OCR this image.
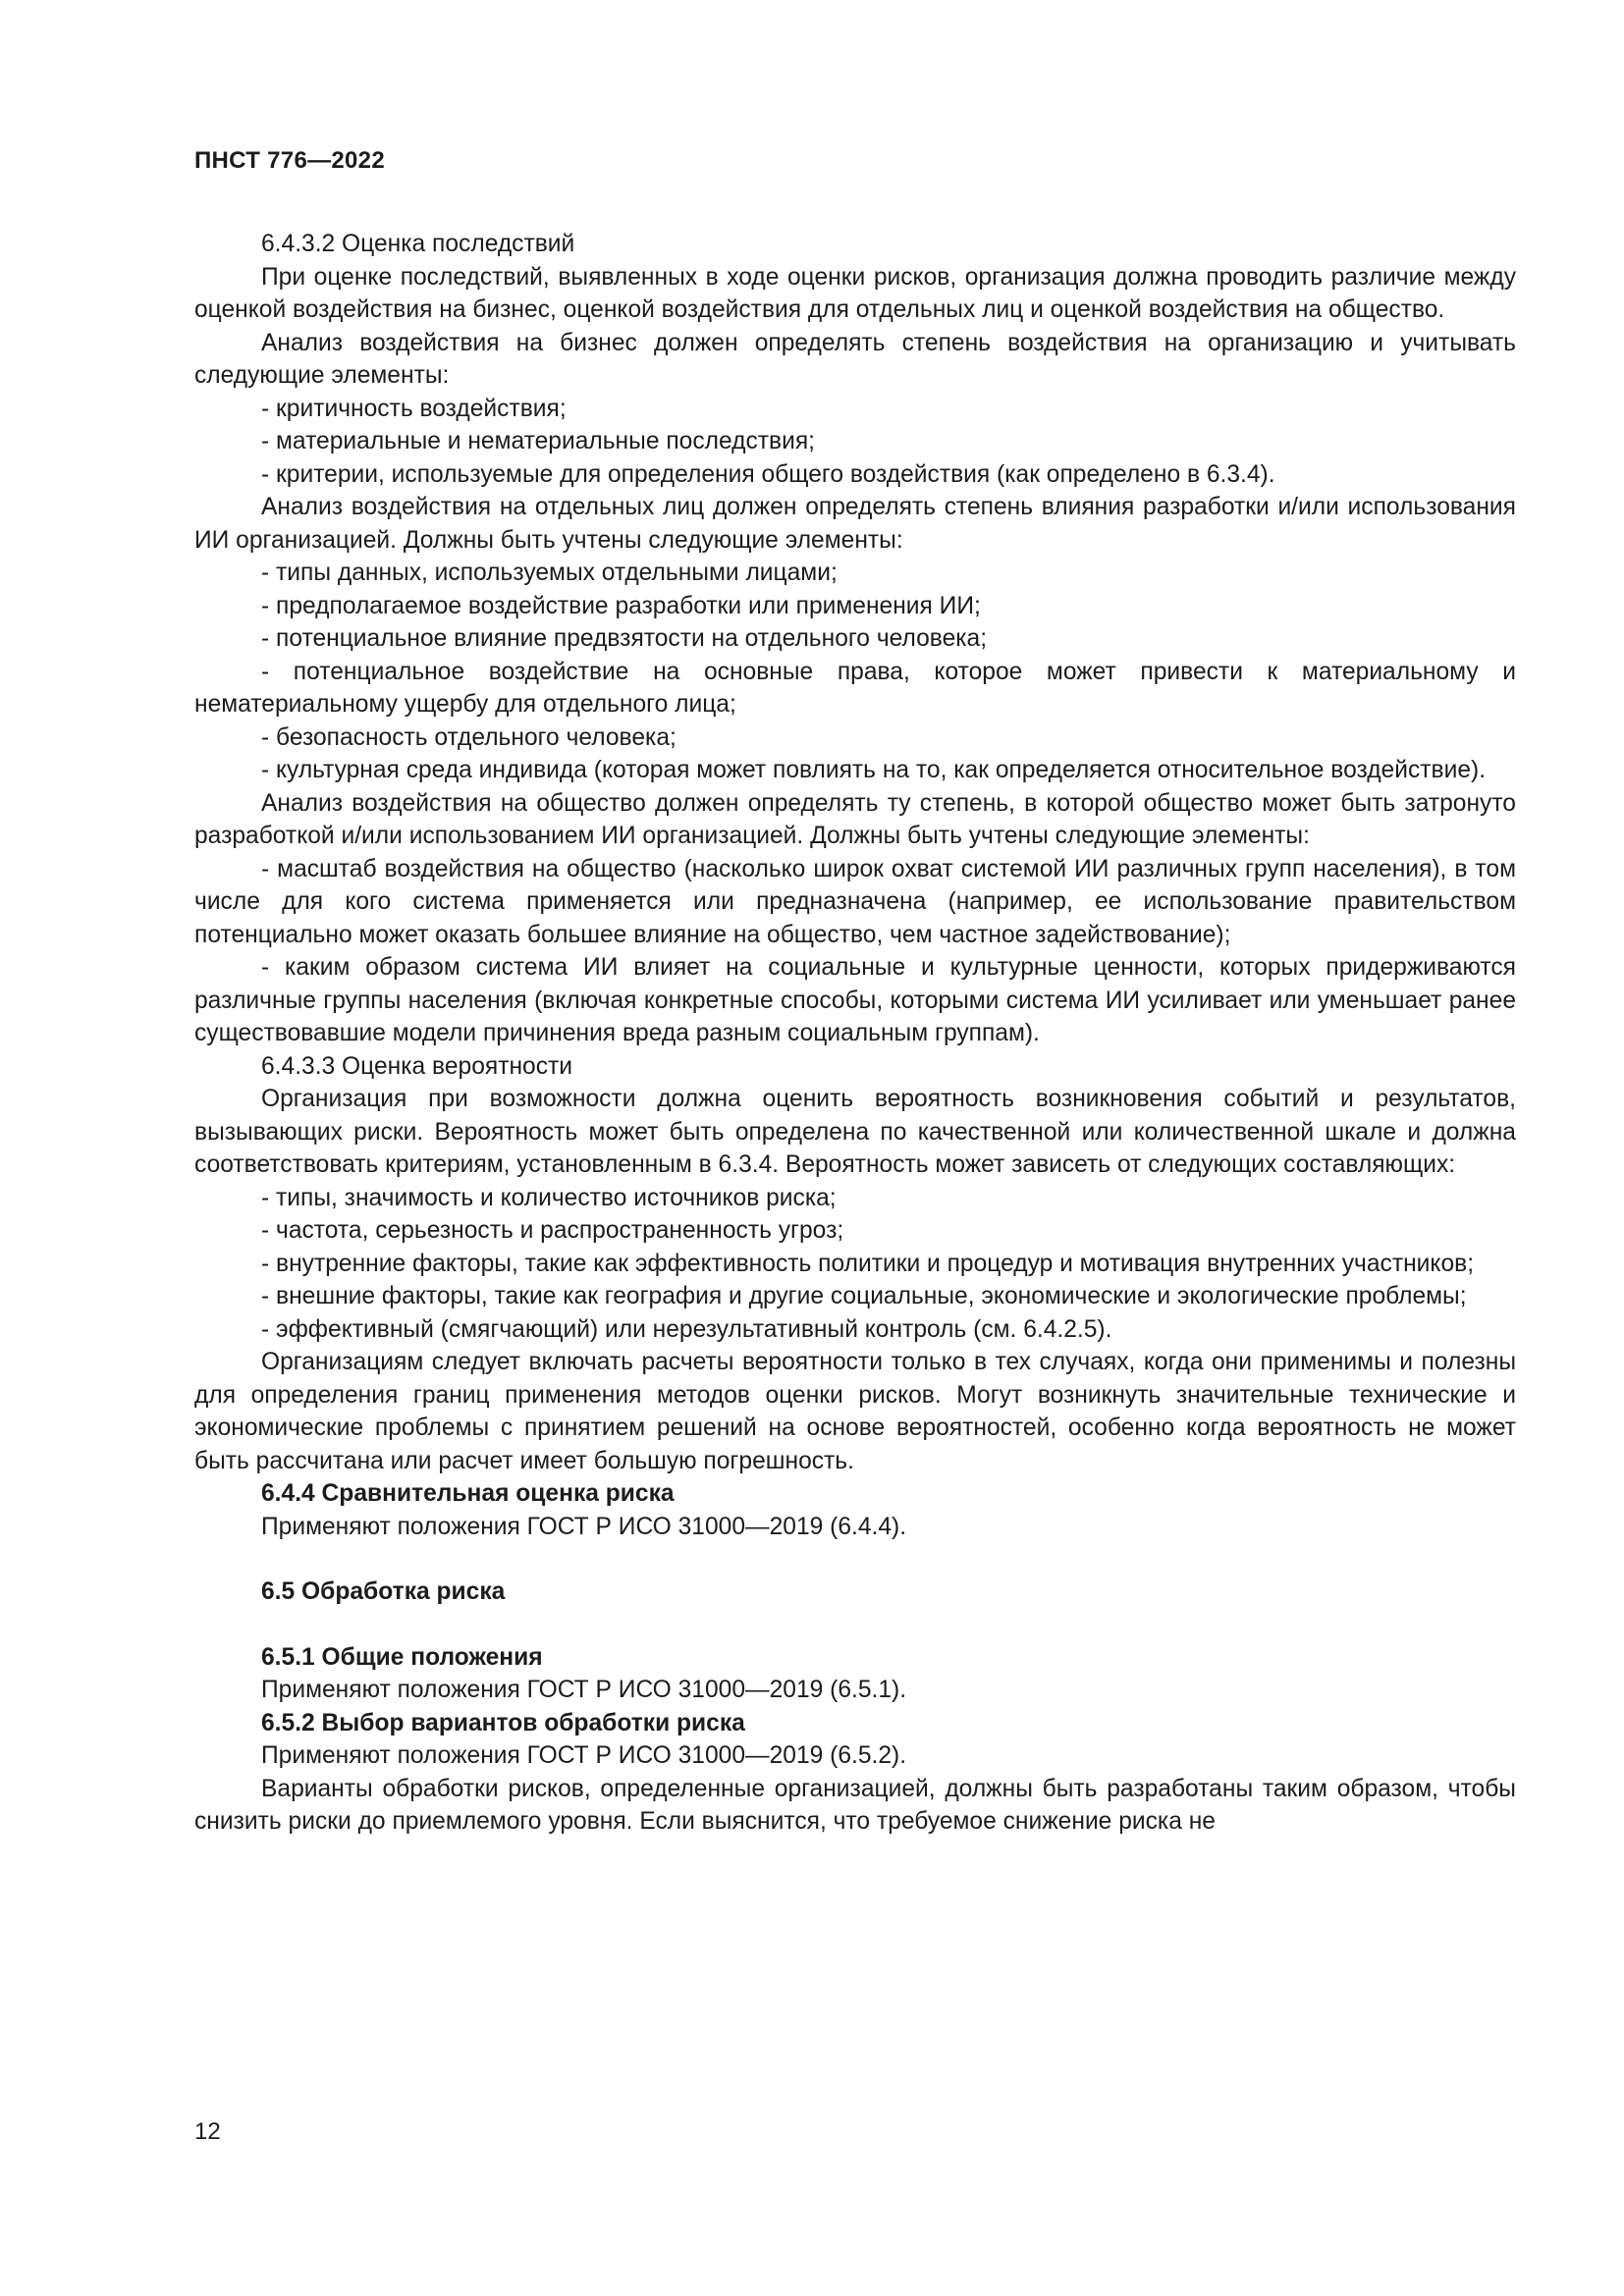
ПНСТ 776—2022

6.4.3.2 Оценка последствий

При оценке последствий, выявленных в ходе оценки рисков, организация должна проводить различие между оценкой воздействия на бизнес, оценкой воздействия для отдельных лиц и оценкой воздействия на общество.

Анализ воздействия на бизнес должен определять степень воздействия на организацию и учитывать следующие элементы:

- критичность воздействия;

- материальные и нематериальные последствия;

- критерии, используемые для определения общего воздействия (как определено в 6.3.4).

Анализ воздействия на отдельных лиц должен определять степень влияния разработки и/или использования ИИ организацией. Должны быть учтены следующие элементы:

- типы данных, используемых отдельными лицами;

- предполагаемое воздействие разработки или применения ИИ;

- потенциальное влияние предвзятости на отдельного человека;

- потенциальное воздействие на основные права, которое может привести к материальному и нематериальному ущербу для отдельного лица;

- безопасность отдельного человека;

- культурная среда индивида (которая может повлиять на то, как определяется относительное воздействие).

Анализ воздействия на общество должен определять ту степень, в которой общество может быть затронуто разработкой и/или использованием ИИ организацией. Должны быть учтены следующие элементы:

- масштаб воздействия на общество (насколько широк охват системой ИИ различных групп населения), в том числе для кого система применяется или предназначена (например, ее использование правительством потенциально может оказать большее влияние на общество, чем частное задействование);

- каким образом система ИИ влияет на социальные и культурные ценности, которых придерживаются различные группы населения (включая конкретные способы, которыми система ИИ усиливает или уменьшает ранее существовавшие модели причинения вреда разным социальным группам).

6.4.3.3 Оценка вероятности

Организация при возможности должна оценить вероятность возникновения событий и результатов, вызывающих риски. Вероятность может быть определена по качественной или количественной шкале и должна соответствовать критериям, установленным в 6.3.4. Вероятность может зависеть от следующих составляющих:

- типы, значимость и количество источников риска;

- частота, серьезность и распространенность угроз;

- внутренние факторы, такие как эффективность политики и процедур и мотивация внутренних участников;

- внешние факторы, такие как география и другие социальные, экономические и экологические проблемы;

- эффективный (смягчающий) или нерезультативный контроль (см. 6.4.2.5).

Организациям следует включать расчеты вероятности только в тех случаях, когда они применимы и полезны для определения границ применения методов оценки рисков. Могут возникнуть значительные технические и экономические проблемы с принятием решений на основе вероятностей, особенно когда вероятность не может быть рассчитана или расчет имеет большую погрешность.

6.4.4 Сравнительная оценка риска

Применяют положения ГОСТ Р ИСО 31000—2019 (6.4.4).

6.5 Обработка риска

6.5.1 Общие положения

Применяют положения ГОСТ Р ИСО 31000—2019 (6.5.1).

6.5.2 Выбор вариантов обработки риска

Применяют положения ГОСТ Р ИСО 31000—2019 (6.5.2).

Варианты обработки рисков, определенные организацией, должны быть разработаны таким образом, чтобы снизить риски до приемлемого уровня. Если выяснится, что требуемое снижение риска не

12
